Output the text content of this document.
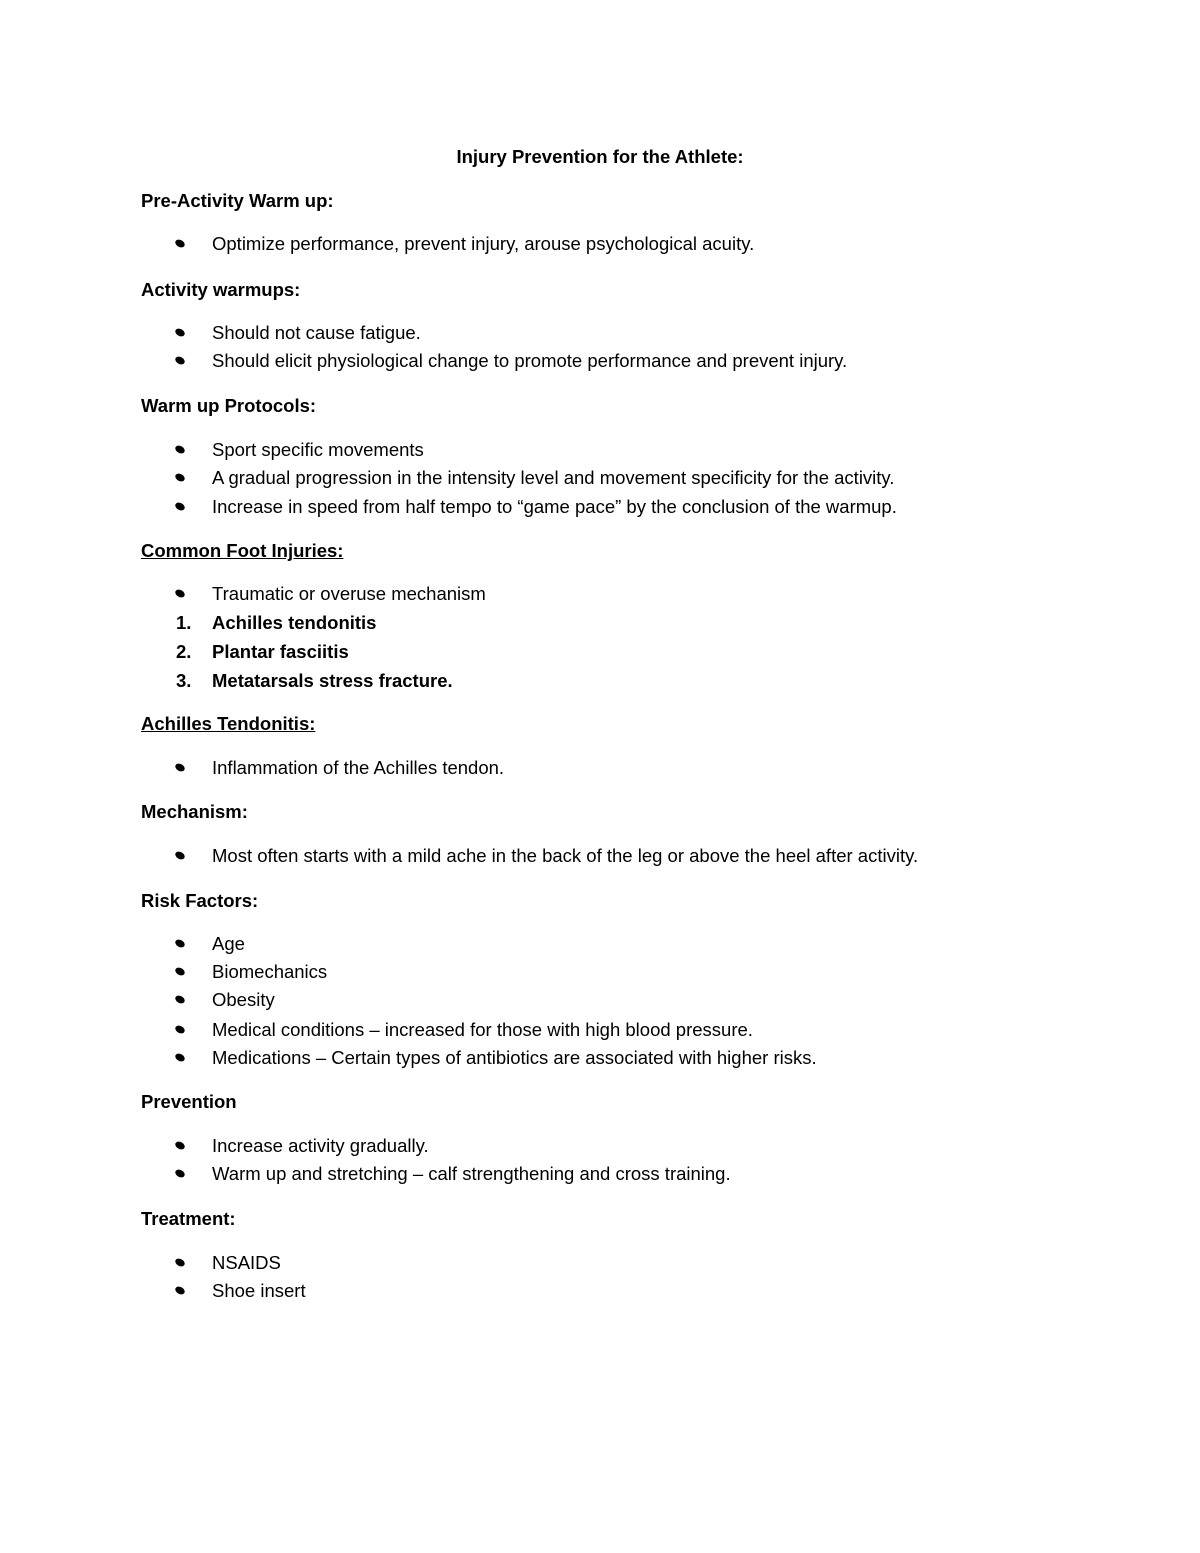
Injury Prevention for the Athlete:
Pre-Activity Warm up:
Optimize performance, prevent injury, arouse psychological acuity.
Activity warmups:
Should not cause fatigue.
Should elicit physiological change to promote performance and prevent injury.
Warm up Protocols:
Sport specific movements
A gradual progression in the intensity level and movement specificity for the activity.
Increase in speed from half tempo to “game pace” by the conclusion of the warmup.
Common Foot Injuries:
Traumatic or overuse mechanism
1. Achilles tendonitis
2. Plantar fasciitis
3. Metatarsals stress fracture.
Achilles Tendonitis:
Inflammation of the Achilles tendon.
Mechanism:
Most often starts with a mild ache in the back of the leg or above the heel after activity.
Risk Factors:
Age
Biomechanics
Obesity
Medical conditions – increased for those with high blood pressure.
Medications – Certain types of antibiotics are associated with higher risks.
Prevention
Increase activity gradually.
Warm up and stretching – calf strengthening and cross training.
Treatment:
NSAIDS
Shoe insert
